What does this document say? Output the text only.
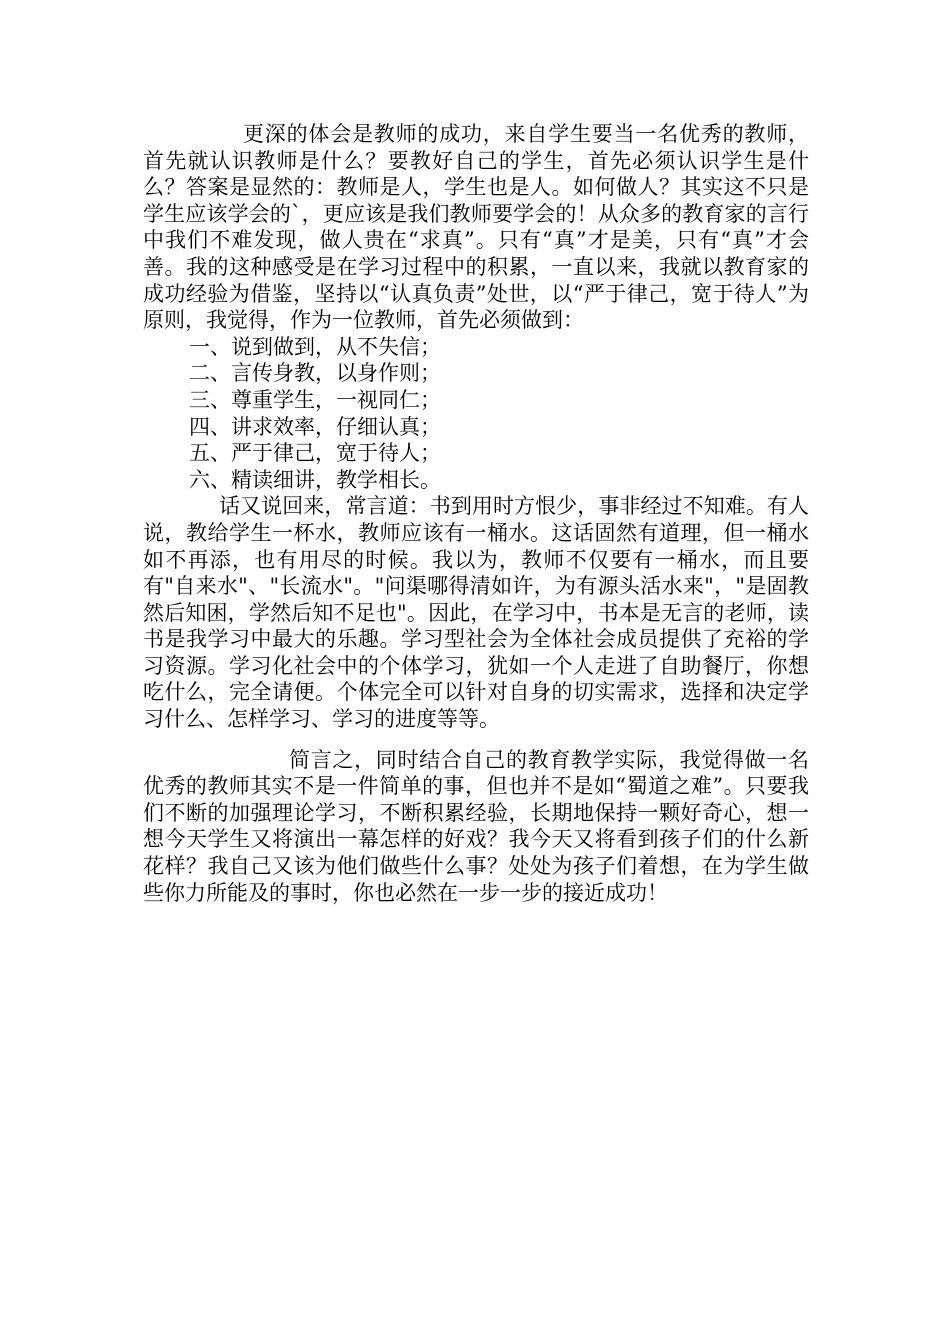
更深的体会是教师的成功，来自学生要当一名优秀的教师，首先就认识教师是什么？要教好自己的学生，首先必须认识学生是什么？答案是显然的：教师是人，学生也是人。如何做人？其实这不只是学生应该学会的`，更应该是我们教师要学会的！从众多的教育家的言行中我们不难发现，做人贵在“求真”。只有“真”才是美，只有“真”才会善。我的这种感受是在学习过程中的积累，一直以来，我就以教育家的成功经验为借鉴，坚持以“认真负责”处世，以“严于律己，宽于待人”为原则，我觉得，作为一位教师，首先必须做到：

一、说到做到，从不失信；
二、言传身教，以身作则；
三、尊重学生，一视同仁；
四、讲求效率，仔细认真；
五、严于律己，宽于待人；
六、精读细讲，教学相长。

话又说回来，常言道：书到用时方恨少，事非经过不知难。有人说，教给学生一杯水，教师应该有一桶水。这话固然有道理，但一桶水如不再添，也有用尽的时候。我以为，教师不仅要有一桶水，而且要有"自来水"、"长流水"。"问渠哪得清如许，为有源头活水来"，"是固教然后知困，学然后知不足也"。因此，在学习中，书本是无言的老师，读书是我学习中最大的乐趣。学习型社会为全体社会成员提供了充裕的学习资源。学习化社会中的个体学习，犹如一个人走进了自助餐厅，你想吃什么，完全请便。个体完全可以针对自身的切实需求，选择和决定学习什么、怎样学习、学习的进度等等。

简言之，同时结合自己的教育教学实际，我觉得做一名优秀的教师其实不是一件简单的事，但也并不是如“蜀道之难”。只要我们不断的加强理论学习，不断积累经验，长期地保持一颗好奇心，想一想今天学生又将演出一幕怎样的好戏？我今天又将看到孩子们的什么新花样？我自己又该为他们做些什么事？处处为孩子们着想，在为学生做些你力所能及的事时，你也必然在一步一步的接近成功！
